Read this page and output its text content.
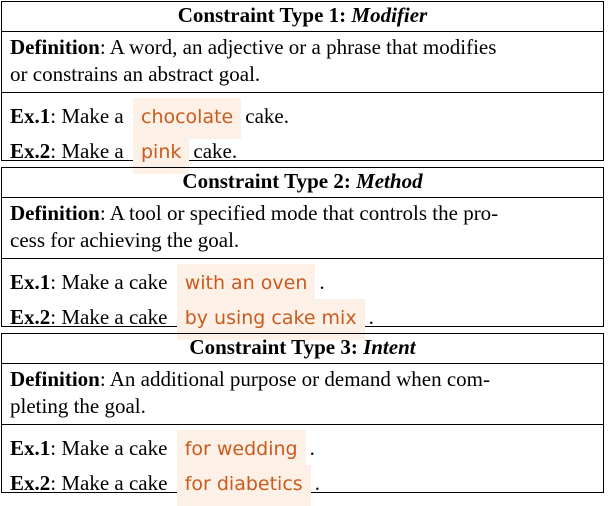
Constraint Type 1: Modifier
Definition: A word, an adjective or a phrase that modifies
or constrains an abstract goal.
Ex.1: Make a chocolate cake.
Ex.2: Make a pink cake.
Constraint Type 2: Method
Definition: A tool or specified mode that controls the pro-
cess for achieving the goal.
Ex.1: Make a cake with an oven .
Ex.2: Make a cake by using cake mix .
Constraint Type 3: Intent
Definition: An additional purpose or demand when com-
pleting the goal.
Ex.1: Make a cake for wedding .
Ex.2: Make a cake for diabetics .
